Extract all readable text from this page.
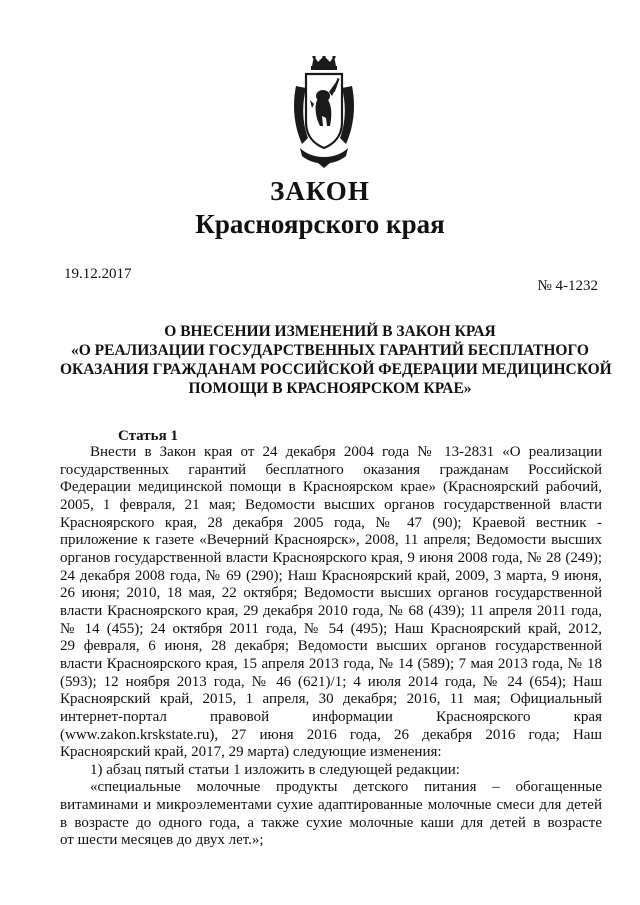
ЗАКОН
Красноярского края
19.12.2017
№ 4-1232
О ВНЕСЕНИИ ИЗМЕНЕНИЙ В ЗАКОН КРАЯ
«О РЕАЛИЗАЦИИ ГОСУДАРСТВЕННЫХ ГАРАНТИЙ БЕСПЛАТНОГО
ОКАЗАНИЯ ГРАЖДАНАМ РОССИЙСКОЙ ФЕДЕРАЦИИ МЕДИЦИНСКОЙ
ПОМОЩИ В КРАСНОЯРСКОМ КРАЕ»
Статья 1
Внести в Закон края от 24 декабря 2004 года № 13-2831 «О реализации
государственных гарантий бесплатного оказания гражданам Российской
Федерации медицинской помощи в Красноярском крае» (Красноярский рабочий,
2005, 1 февраля, 21 мая; Ведомости высших органов государственной власти
Красноярского края, 28 декабря 2005 года, № 47 (90); Краевой вестник -
приложение к газете «Вечерний Красноярск», 2008, 11 апреля; Ведомости высших
органов государственной власти Красноярского края, 9 июня 2008 года, № 28 (249);
24 декабря 2008 года, № 69 (290); Наш Красноярский край, 2009, 3 марта, 9 июня,
26 июня; 2010, 18 мая, 22 октября; Ведомости высших органов государственной
власти Красноярского края, 29 декабря 2010 года, № 68 (439); 11 апреля 2011 года,
№ 14 (455); 24 октября 2011 года, № 54 (495); Наш Красноярский край, 2012,
29 февраля, 6 июня, 28 декабря; Ведомости высших органов государственной
власти Красноярского края, 15 апреля 2013 года, № 14 (589); 7 мая 2013 года, № 18
(593); 12 ноября 2013 года, № 46 (621)/1; 4 июля 2014 года, № 24 (654); Наш
Красноярский край, 2015, 1 апреля, 30 декабря; 2016, 11 мая; Официальный
интернет-портал правовой информации Красноярского края
(www.zakon.krskstate.ru), 27 июня 2016 года, 26 декабря 2016 года; Наш
Красноярский край, 2017, 29 марта) следующие изменения:
1) абзац пятый статьи 1 изложить в следующей редакции:
«специальные молочные продукты детского питания – обогащенные
витаминами и микроэлементами сухие адаптированные молочные смеси для детей
в возрасте до одного года, а также сухие молочные каши для детей в возрасте
от шести месяцев до двух лет.»;
